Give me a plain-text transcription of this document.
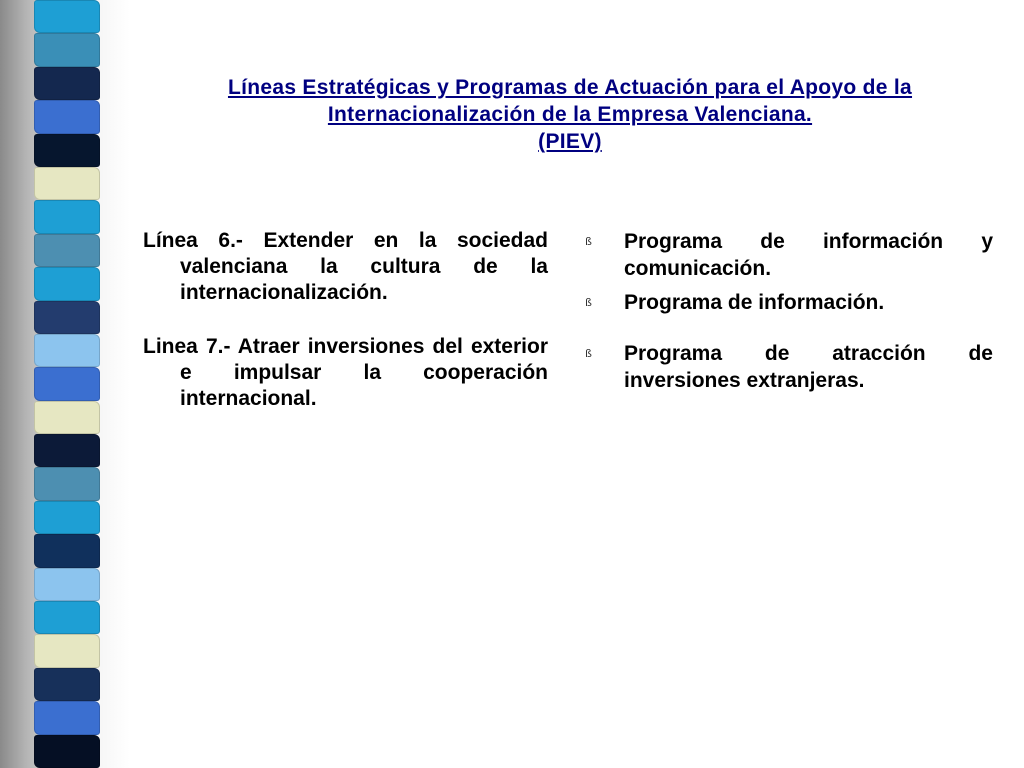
Líneas Estratégicas y Programas de Actuación para el Apoyo de la
Internacionalización de la Empresa Valenciana.
(PIEV)

Línea 6.- Extender en la sociedad valenciana la cultura de la internacionalización.

Linea 7.- Atraer inversiones del exterior e impulsar la cooperación internacional.

ß Programa de información y comunicación.
ß Programa de información.
ß Programa de atracción de inversiones extranjeras.
